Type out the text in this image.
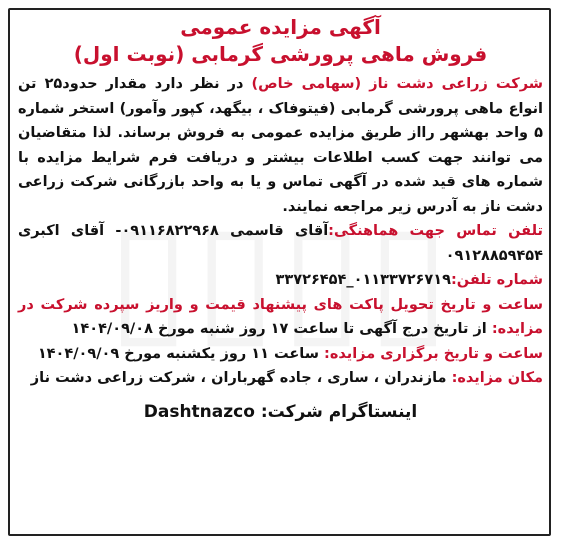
آگهی مزایده عمومی
فروش ماهی پرورشی گرمابی (نوبت اول)

شرکت زراعی دشت ناز (سهامی خاص) در نظر دارد مقدار حدود۲۵ تن انواع ماهی پرورشی گرمابی (فیتوفاک ، بیگهد، کپور وآمور) استخر شماره ۵ واحد بهشهر رااز طریق مزایده عمومی به فروش برساند. لذا متقاضیان می توانند جهت کسب اطلاعات بیشتر و دریافت فرم شرایط مزایده با شماره های قید شده در آگهی تماس و یا به واحد بازرگانی شرکت زراعی دشت ناز به آدرس زیر مراجعه نمایند.

تلفن تماس جهت هماهنگی:آقای قاسمی ۰۹۱۱۶۸۲۲۹۶۸- آقای اکبری ۰۹۱۲۸۸۵۹۴۵۴

شماره تلفن:۰۱۱۳۳۷۲۶۷۱۹_۳۳۷۲۶۴۵۴

ساعت و تاریخ تحویل پاکت های پیشنهاد قیمت و واریز سپرده شرکت در مزایده: از تاریخ درج آگهی تا ساعت ۱۷ روز شنبه مورخ ۱۴۰۴/۰۹/۰۸

ساعت و تاریخ برگزاری مزایده: ساعت ۱۱ روز یکشنبه مورخ ۱۴۰۴/۰۹/۰۹

مکان مزایده: مازندران ، ساری ، جاده گهرباران ، شرکت زراعی دشت ناز

اینستاگرام شرکت: Dashtnazco
